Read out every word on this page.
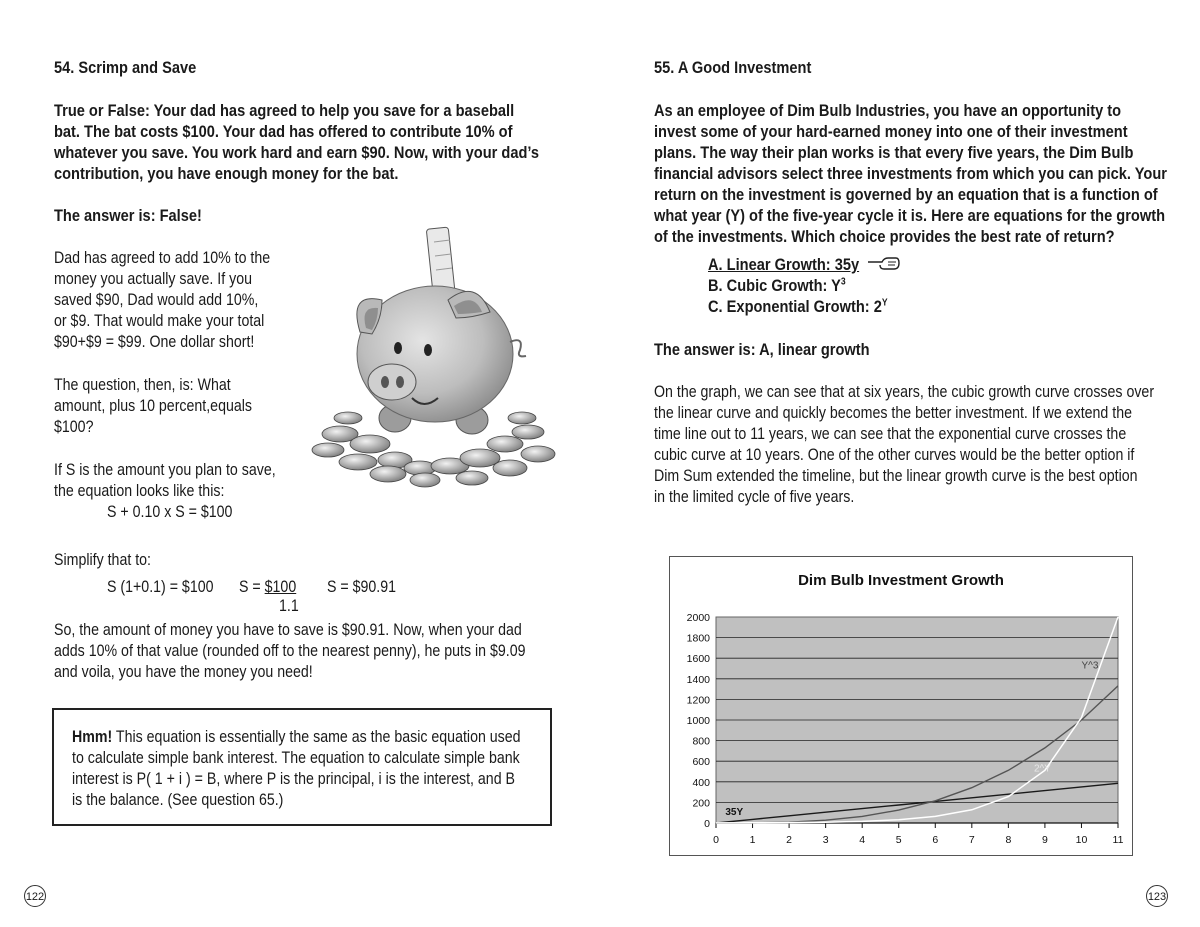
54. Scrimp and Save
True or False: Your dad has agreed to help you save for a baseball
bat. The bat costs $100. Your dad has offered to contribute 10% of
whatever you save. You work hard and earn $90. Now, with your dad’s
contribution, you have enough money for the bat.
The answer is: False!
Dad has agreed to add 10% to the
money you actually save. If you
saved $90, Dad would add 10%,
or $9. That would make your total
$90+$9 = $99. One dollar short!
The question, then, is: What
amount, plus 10 percent,equals
$100?
If S is the amount you plan to save,
the equation looks like this:
S + 0.10 x S = $100
Simplify that to:
S (1+0.1) = $100	S = $100
1.1
S = $90.91
So, the amount of money you have to save is $90.91. Now, when your dad
adds 10% of that value (rounded off to the nearest penny), he puts in $9.09
and voila, you have the money you need!
Hmm! This equation is essentially the same as the basic equation used
to calculate simple bank interest. The equation to calculate simple bank
interest is P( 1 + i ) = B, where P is the principal, i is the interest, and B
is the balance. (See question 65.)
122
55. A Good Investment
As an employee of Dim Bulb Industries, you have an opportunity to
invest some of your hard-earned money into one of their investment
plans. The way their plan works is that every five years, the Dim Bulb
financial advisors select three investments from which you can pick. Your
return on the investment is governed by an equation that is a function of
what year (Y) of the five-year cycle it is. Here are equations for the growth
of the investments. Which choice provides the best rate of return?
A. Linear Growth: 35y
B. Cubic Growth: $Y^3$
C. Exponential Growth: $2^Y$
The answer is: A, linear growth
On the graph, we can see that at six years, the cubic growth curve crosses over
the linear curve and quickly becomes the better investment. If we extend the
time line out to 11 years, we can see that the exponential curve crosses the
cubic curve at 10 years. One of the other curves would be the better option if
Dim Sum extended the timeline, but the linear growth curve is the best option
in the limited cycle of five years.
123
Dim Bulb Investment Growth
0
200
400
600
800
1000
1200
1400
1600
1800
2000
0	1	2	3	4	5	6	7	8	9	10 11
35Y
Y^3
2^Y
